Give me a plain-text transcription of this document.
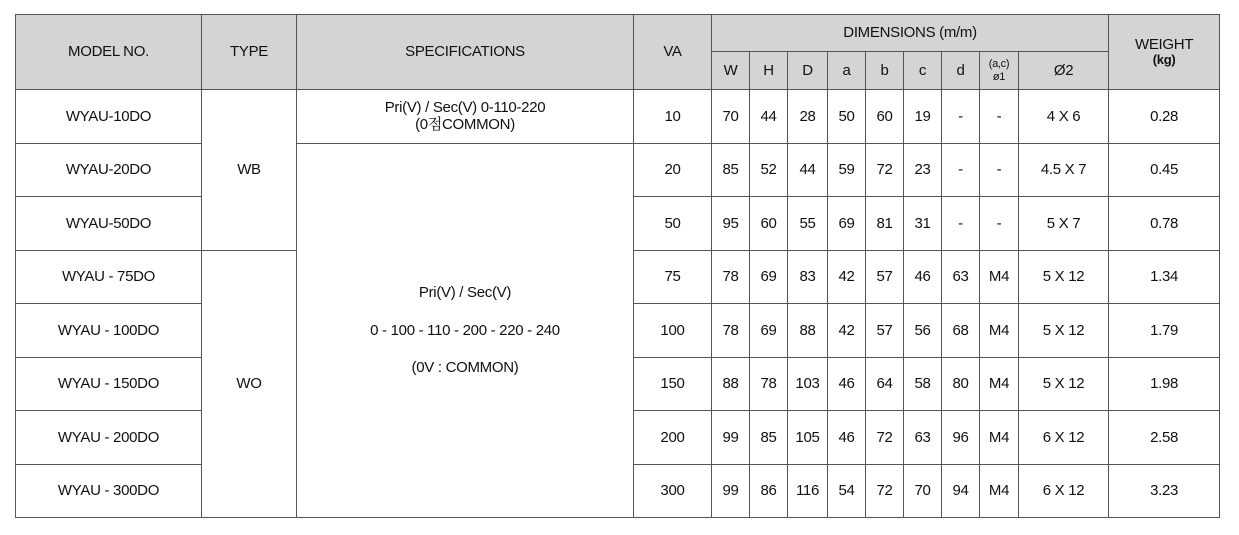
MODEL NO.	TYPE	SPECIFICATIONS	VA	DIMENSIONS (m/m)									WEIGHT
(kg)

				W	H	D	a	b	c	d	(a,c)
ø1	Ø2	
WYAU-10DO	WB	Pri(V) / Sec(V) 0-110-220
(0점COMMON)	10	70	44	28	50	60	19	-	-	4 X 6	0.28
WYAU-20DO		Pri(V) / Sec(V)
0 - 100 - 110 - 200 - 220 - 240
(0V : COMMON)	20	85	52	44	59	72	23	-	-	4.5 X 7	0.45
WYAU-50DO			50	95	60	55	69	81	31	-	-	5 X 7	0.78
WYAU - 75DO	WO		75	78	69	83	42	57	46	63	M4	5 X 12	1.34
WYAU - 100DO			100	78	69	88	42	57	56	68	M4	5 X 12	1.79
WYAU - 150DO			150	88	78	103	46	64	58	80	M4	5 X 12	1.98
WYAU - 200DO			200	99	85	105	46	72	63	96	M4	6 X 12	2.58
WYAU - 300DO			300	99	86	116	54	72	70	94	M4	6 X 12	3.23
